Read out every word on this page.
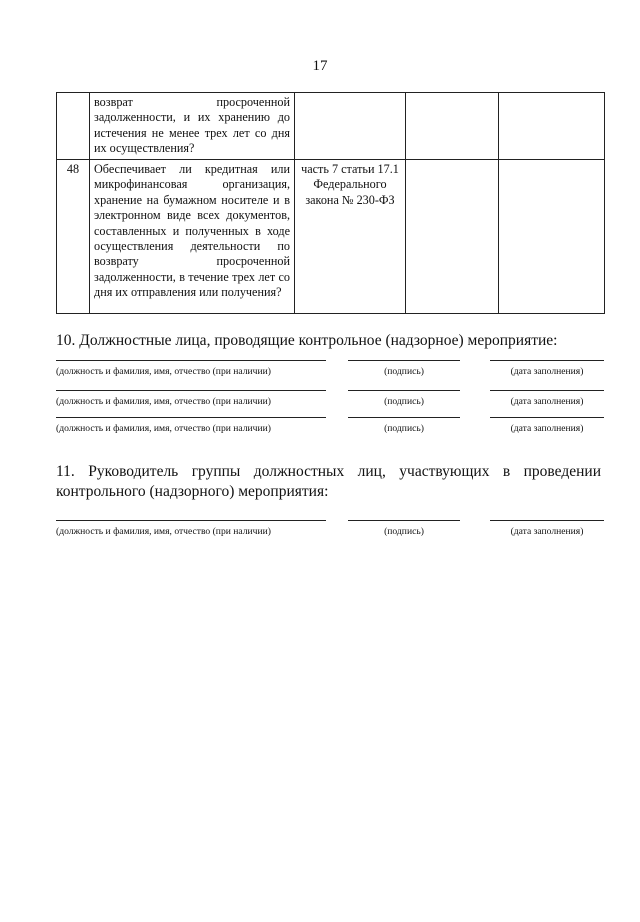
17
	возврат просроченной задолженности, и их хранению до истечения не менее трех лет со дня их осуществления?			
48	Обеспечивает ли кредитная или микрофинансовая организация, хранение на бумажном носителе и в электронном виде всех документов, составленных и полученных в ходе осуществления деятельности по возврату просроченной задолженности, в течение трех лет со дня их отправления или получения?	часть 7 статьи 17.1 Федерального закона № 230-ФЗ		
10. Должностные лица, проводящие контрольное (надзорное) мероприятие:
(должность и фамилия, имя, отчество (при наличии)	(подпись)	(дата заполнения)
(должность и фамилия, имя, отчество (при наличии)	(подпись)	(дата заполнения)
(должность и фамилия, имя, отчество (при наличии)	(подпись)	(дата заполнения)
11. Руководитель группы должностных лиц, участвующих в проведении контрольного (надзорного) мероприятия:
(должность и фамилия, имя, отчество (при наличии)	(подпись)	(дата заполнения)
